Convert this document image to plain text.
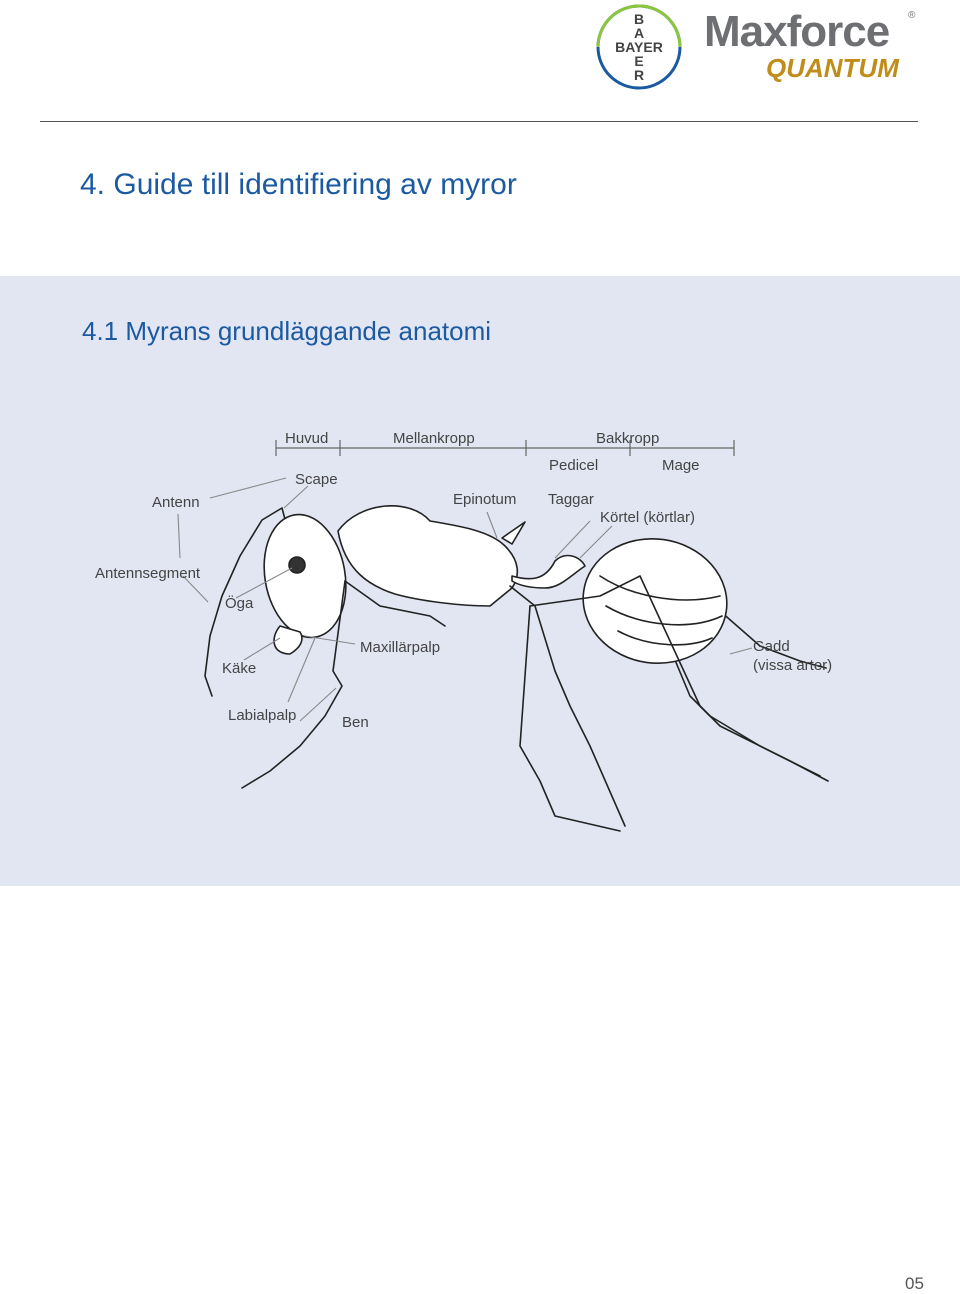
B
A
BAYER
E
R
Maxforce
QUANTUM
®
4. Guide till identifiering av myror
4.1 Myrans grundläggande anatomi
Huvud	Mellankropp	Bakkropp
Pedicel	Mage
Scape
Antenn	Epinotum Taggar
Körtel (körtlar)
Antennsegment
Öga
Käke
Maxillärpalp	Gadd
(vissa arter)
Labialpalp	Ben
05
